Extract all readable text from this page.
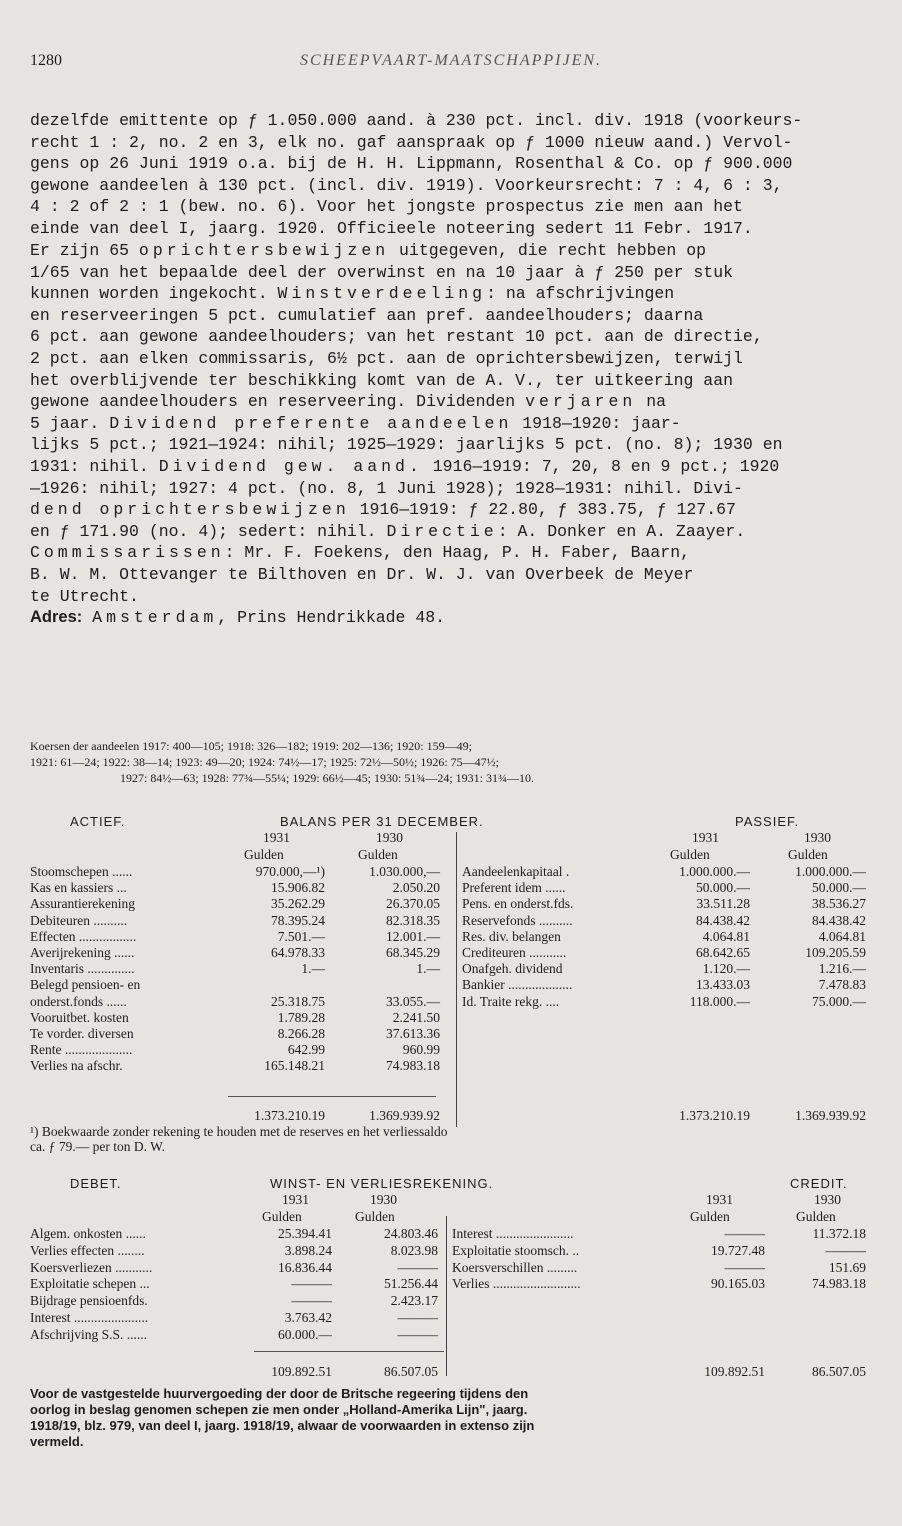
1280	SCHEEPVAART-MAATSCHAPPIJEN.
dezelfde emittente op ƒ 1.050.000 aand. à 230 pct. incl. div. 1918 (voorkeurs-
recht 1 : 2, no. 2 en 3, elk no. gaf aanspraak op ƒ 1000 nieuw aand.) Vervol-
gens op 26 Juni 1919 o.a. bij de H. H. Lippmann, Rosenthal & Co. op ƒ 900.000
gewone aandeelen à 130 pct. (incl. div. 1919). Voorkeursrecht: 7 : 4, 6 : 3,
4 : 2 of 2 : 1 (bew. no. 6). Voor het jongste prospectus zie men aan het
einde van deel I, jaarg. 1920. Officieele noteering sedert 11 Febr. 1917.
Er zijn 65 oprichtersbewijzen uitgegeven, die recht hebben op
1/65 van het bepaalde deel der overwinst en na 10 jaar à ƒ 250 per stuk
kunnen worden ingekocht. Winstverdeeling: na afschrijvingen
en reserveeringen 5 pct. cumulatief aan pref. aandeelhouders; daarna
6 pct. aan gewone aandeelhouders; van het restant 10 pct. aan de directie,
2 pct. aan elken commissaris, 6½ pct. aan de oprichtersbewijzen, terwijl
het overblijvende ter beschikking komt van de A. V., ter uitkeering aan
gewone aandeelhouders en reserveering. Dividenden verjaren na
5 jaar. Dividend preferente aandeelen 1918—1920: jaar-
lijks 5 pct.; 1921—1924: nihil; 1925—1929: jaarlijks 5 pct. (no. 8); 1930 en
1931: nihil. Dividend gew. aand. 1916—1919: 7, 20, 8 en 9 pct.; 1920
—1926: nihil; 1927: 4 pct. (no. 8, 1 Juni 1928); 1928—1931: nihil. Divi-
dend oprichtersbewijzen 1916—1919: ƒ 22.80, ƒ 383.75, ƒ 127.67
en ƒ 171.90 (no. 4); sedert: nihil. Directie: A. Donker en A. Zaayer.
Commissarissen: Mr. F. Foekens, den Haag, P. H. Faber, Baarn,
B. W. M. Ottevanger te Bilthoven en Dr. W. J. van Overbeek de Meyer
te Utrecht.
Adres: Amsterdam, Prins Hendrikkade 48.
Koersen der aandeelen 1917: 400—105; 1918: 326—182; 1919: 202—136; 1920: 159—49;
1921: 61—24; 1922: 38—14; 1923: 49—20; 1924: 74½—17; 1925: 72½—50½; 1926: 75—47½;
1927: 84½—63; 1928: 77¾—55¼; 1929: 66½—45; 1930: 51¾—24; 1931: 31¾—10.
ACTIEF.	BALANS PER 31 DECEMBER.	PASSIEF.
1931	1930	1931	1930
Gulden	Gulden	Gulden	Gulden
Stoomschepen ......	970.000,—¹)	1.030.000,—
Kas en kassiers ...	15.906.82	2.050.20
Assurantierekening	35.262.29	26.370.05
Debiteuren ..........	78.395.24	82.318.35
Effecten .................	7.501.—	12.001.—
Averijrekening ......	64.978.33	68.345.29
Inventaris ..............	1.—	1.—
Belegd pensioen- en
onderst.fonds ......	25.318.75	33.055.—
Vooruitbet. kosten	1.789.28	2.241.50
Te vorder. diversen	8.266.28	37.613.36
Rente ....................	642.99	960.99
Verlies na afschr.	165.148.21	74.983.18
Aandeelenkapitaal .	1.000.000.—	1.000.000.—
Preferent idem ......	50.000.—	50.000.—
Pens. en onderst.fds.	33.511.28	38.536.27
Reservefonds ..........	84.438.42	84.438.42
Res. div. belangen	4.064.81	4.064.81
Crediteuren ...........	68.642.65	109.205.59
Onafgeh. dividend	1.120.—	1.216.—
Bankier ...................	13.433.03	7.478.83
Id. Traite rekg. ....	118.000.—	75.000.—
1.373.210.19	1.369.939.92	1.373.210.19	1.369.939.92
¹) Boekwaarde zonder rekening te houden met de reserves en het verliessaldo
ca. ƒ 79.— per ton D. W.
DEBET.	WINST- EN VERLIESREKENING.	CREDIT.
1931	1930	1931	1930
Gulden	Gulden	Gulden	Gulden
Algem. onkosten ......	25.394.41	24.803.46
Verlies effecten ........	3.898.24	8.023.98
Koersverliezen ...........	16.836.44	———
Exploitatie schepen ...	———	51.256.44
Bijdrage pensioenfds.	———	2.423.17
Interest ......................	3.763.42	———
Afschrijving S.S. ......	60.000.—	———
Interest .......................	———	11.372.18
Exploitatie stoomsch. ..	19.727.48	———
Koersverschillen .........	———	151.69
Verlies ..........................	90.165.03	74.983.18
109.892.51	86.507.05	109.892.51	86.507.05
Voor de vastgestelde huurvergoeding der door de Britsche regeering tijdens den
oorlog in beslag genomen schepen zie men onder „Holland-Amerika Lijn", jaarg.
1918/19, blz. 979, van deel I, jaarg. 1918/19, alwaar de voorwaarden in extenso zijn
vermeld.
